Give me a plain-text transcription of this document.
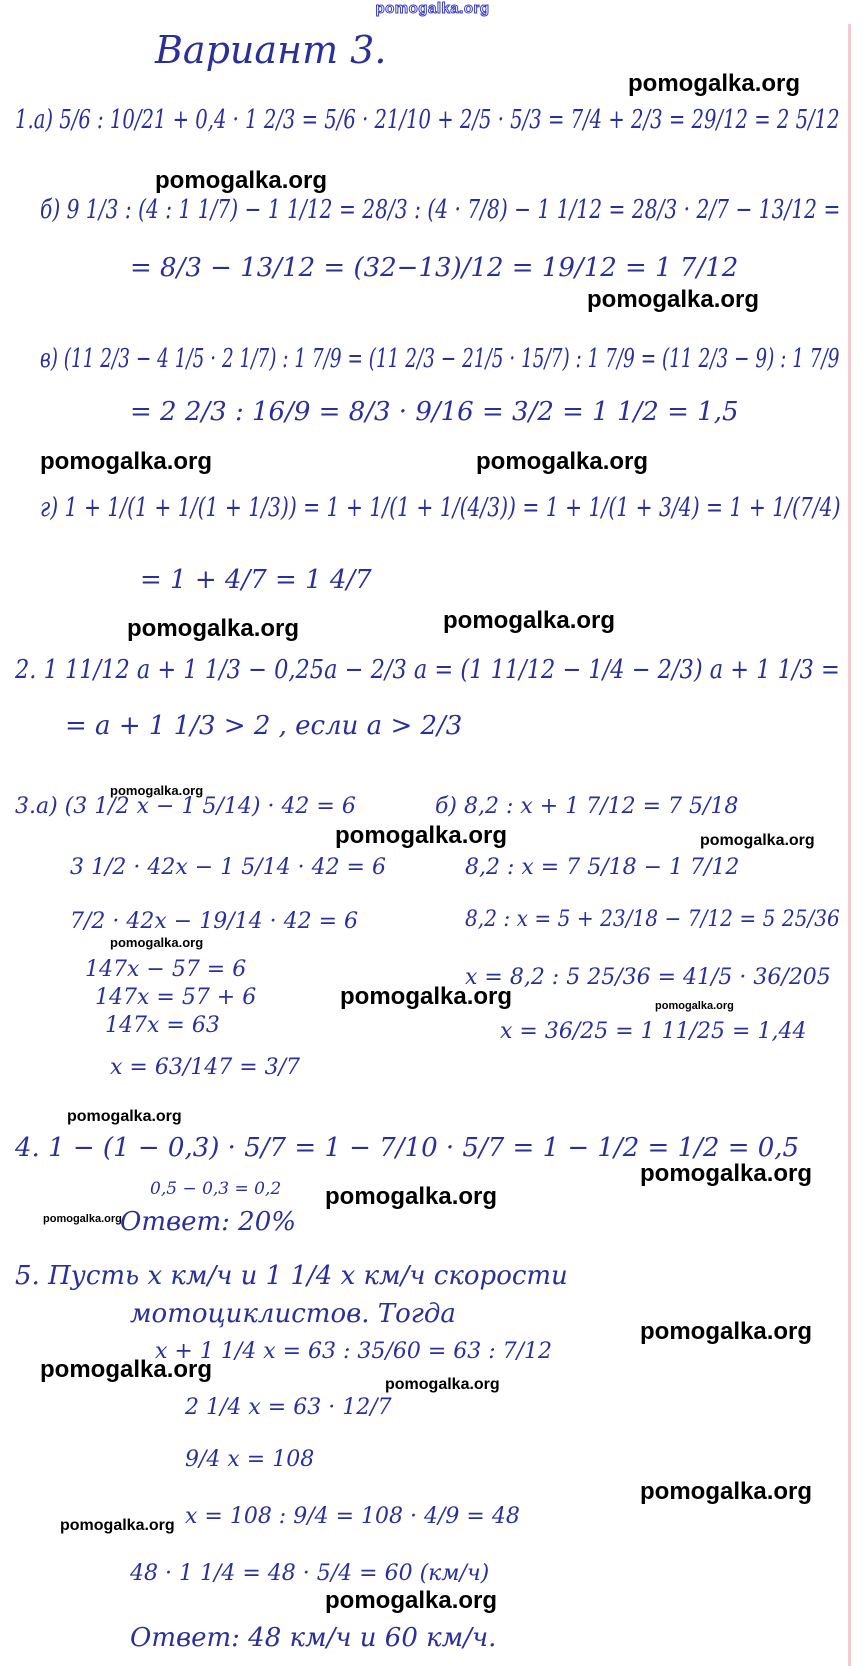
pomogalka.org
Вариант 3.
1.а) 5/6 : 10/21 + 0,4 · 1 2/3 = 5/6 · 21/10 + 2/5 · 5/3 = 7/4 + 2/3 = 29/12 = 2 5/12
б) 9 1/3 : (4 : 1 1/7) − 1 1/12 = 28/3 : (4 · 7/8) − 1 1/12 = 28/3 · 2/7 − 13/12 =
= 8/3 − 13/12 = (32−13)/12 = 19/12 = 1 7/12
в) (11 2/3 − 4 1/5 · 2 1/7) : 1 7/9 = (11 2/3 − 21/5 · 15/7) : 1 7/9 = (11 2/3 − 9) : 1 7/9
= 2 2/3 : 16/9 = 8/3 · 9/16 = 3/2 = 1 1/2 = 1,5
г) 1 + 1/(1 + 1/(1 + 1/3)) = 1 + 1/(1 + 1/(4/3)) = 1 + 1/(1 + 3/4) = 1 + 1/(7/4)
= 1 + 4/7 = 1 4/7
2. 1 11/12 a + 1 1/3 − 0,25a − 2/3 a = (1 11/12 − 1/4 − 2/3) a + 1 1/3 =
= a + 1 1/3 > 2 , если a > 2/3
3.а) (3 1/2 x − 1 5/14) · 42 = 6
3 1/2 · 42x − 1 5/14 · 42 = 6
7/2 · 42x − 19/14 · 42 = 6
147x − 57 = 6
147x = 57 + 6
147x = 63
x = 63/147 = 3/7
б) 8,2 : x + 1 7/12 = 7 5/18
8,2 : x = 7 5/18 − 1 7/12
8,2 : x = 5 + 23/18 − 7/12 = 5 25/36
x = 8,2 : 5 25/36 = 41/5 · 36/205
x = 36/25 = 1 11/25 = 1,44
4. 1 − (1 − 0,3) · 5/7 = 1 − 7/10 · 5/7 = 1 − 1/2 = 1/2 = 0,5
0,5 − 0,3 = 0,2
Ответ: 20%
5. Пусть x км/ч и 1 1/4 x км/ч скорости
мотоциклистов. Тогда
x + 1 1/4 x = 63 : 35/60 = 63 : 7/12
2 1/4 x = 63 · 12/7
9/4 x = 108
x = 108 : 9/4 = 108 · 4/9 = 48
48 · 1 1/4 = 48 · 5/4 = 60 (км/ч)
Ответ: 48 км/ч и 60 км/ч.
pomogalka.org
pomogalka.org
pomogalka.org
pomogalka.org	pomogalka.org
pomogalka.org	pomogalka.org
pomogalka.org
pomogalka.org	pomogalka.org
pomogalka.org
pomogalka.org	pomogalka.org
pomogalka.org
pomogalka.org
pomogalka.org
pomogalka.org
pomogalka.org
pomogalka.org
pomogalka.org
pomogalka.org
pomogalka.org
pomogalka.org
